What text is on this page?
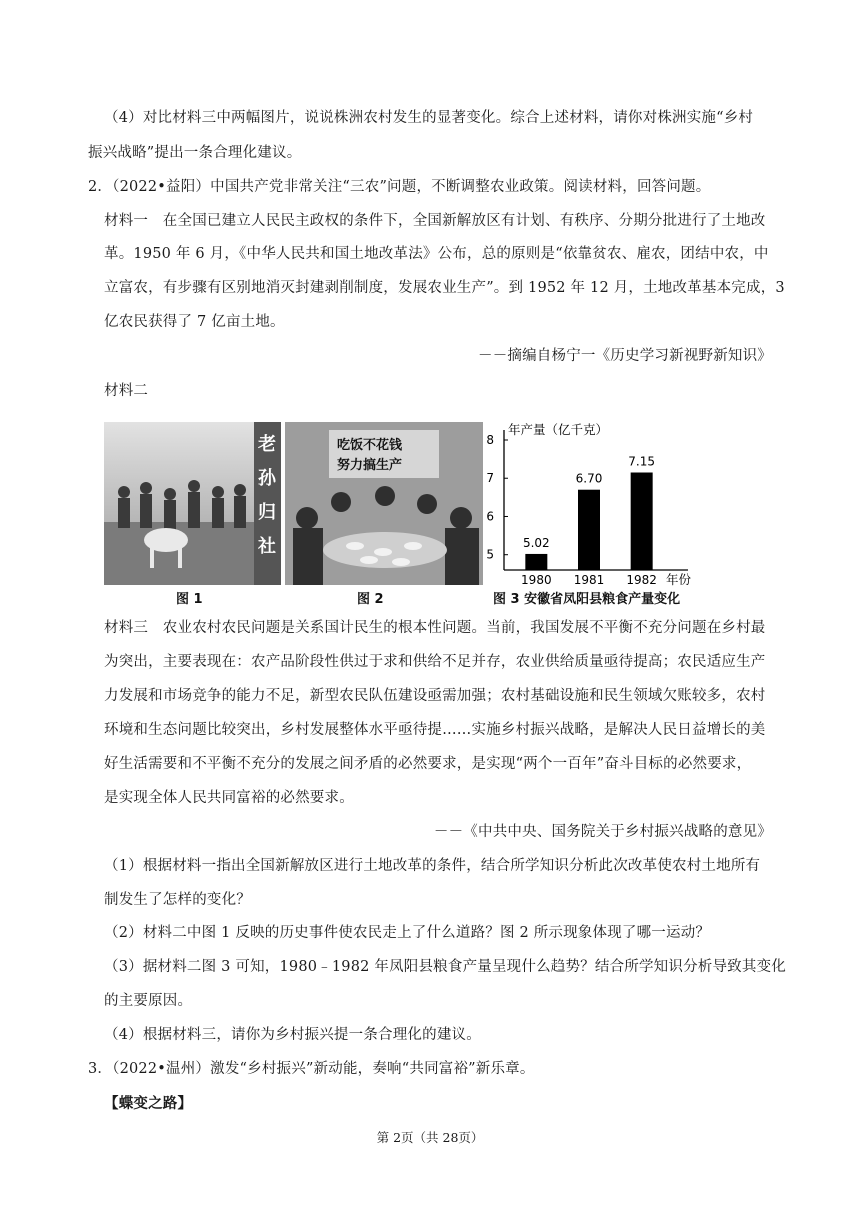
（4）对比材料三中两幅图片，说说株洲农村发生的显著变化。综合上述材料，请你对株洲实施“乡村
振兴战略”提出一条合理化建议。
2．（2022•益阳）中国共产党非常关注“三农”问题，不断调整农业政策。阅读材料，回答问题。
材料一　在全国已建立人民民主政权的条件下，全国新解放区有计划、有秩序、分期分批进行了土地改
革。1950 年 6 月，《中华人民共和国土地改革法》公布，总的原则是“依靠贫农、雇农，团结中农，中
立富农，有步骤有区别地消灭封建剥削制度，发展农业生产”。到 1952 年 12 月，土地改革基本完成，3
亿农民获得了 7 亿亩土地。
－－摘编自杨宁一《历史学习新视野新知识》
材料二
老孙归社
图 1
吃饭不花钱
努力搞生产
图 2
年产量（亿千克）
年份
5
6
7
8
5.02
1980
6.70
1981
7.15
1982
图 3 安徽省凤阳县粮食产量变化
材料三　农业农村农民问题是关系国计民生的根本性问题。当前，我国发展不平衡不充分问题在乡村最
为突出，主要表现在：农产品阶段性供过于求和供给不足并存，农业供给质量亟待提高；农民适应生产
力发展和市场竞争的能力不足，新型农民队伍建设亟需加强；农村基础设施和民生领域欠账较多，农村
环境和生态问题比较突出，乡村发展整体水平亟待提……实施乡村振兴战略，是解决人民日益增长的美
好生活需要和不平衡不充分的发展之间矛盾的必然要求，是实现“两个一百年”奋斗目标的必然要求，
是实现全体人民共同富裕的必然要求。
－－《中共中央、国务院关于乡村振兴战略的意见》
（1）根据材料一指出全国新解放区进行土地改革的条件，结合所学知识分析此次改革使农村土地所有
制发生了怎样的变化？
（2）材料二中图 1 反映的历史事件使农民走上了什么道路？图 2 所示现象体现了哪一运动？
（3）据材料二图 3 可知，1980﹣1982 年凤阳县粮食产量呈现什么趋势？结合所学知识分析导致其变化
的主要原因。
（4）根据材料三，请你为乡村振兴提一条合理化的建议。
3．（2022•温州）激发“乡村振兴”新动能，奏响“共同富裕”新乐章。
【蝶变之路】
第 2页（共 28页）
